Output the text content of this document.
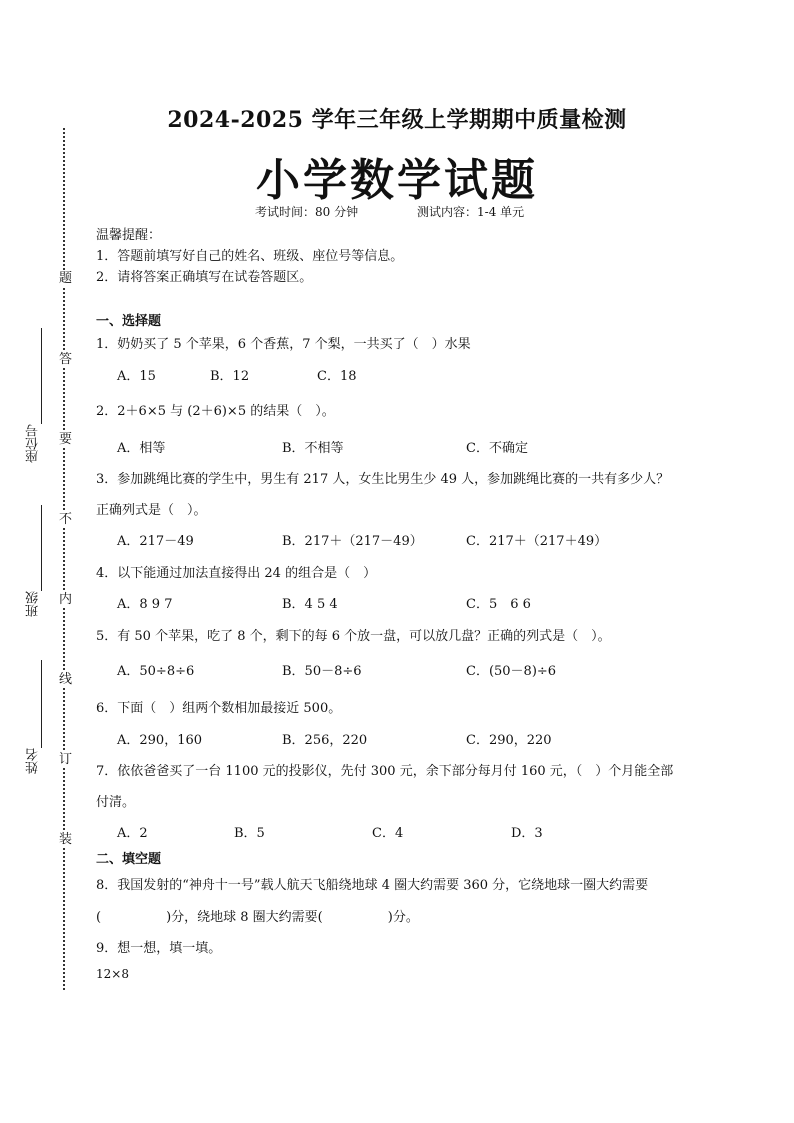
题
答
要
不
内
线
订
装
座位号
班级
姓名
2024-2025 学年三年级上学期期中质量检测
小学数学试题
考试时间：80 分钟	测试内容：1-4 单元
温馨提醒：
1．答题前填写好自己的姓名、班级、座位号等信息。
2．请将答案正确填写在试卷答题区。
一、选择题
1．奶奶买了 5 个苹果，6 个香蕉，7 个梨，一共买了（　）水果
A．15	B．12	C．18
2．2＋6×5 与 (2＋6)×5 的结果（　）。
A．相等	B．不相等	C．不确定
3．参加跳绳比赛的学生中，男生有 217 人，女生比男生少 49 人，参加跳绳比赛的一共有多少人？
正确列式是（　）。
A．217－49	B．217＋（217－49）	C．217＋（217＋49）
4．以下能通过加法直接得出 24 的组合是（　）
A．8 9 7	B．4 5 4	C．5　6 6
5．有 50 个苹果，吃了 8 个，剩下的每 6 个放一盘，可以放几盘？正确的列式是（　）。
A．50÷8÷6	B．50－8÷6	C．(50－8)÷6
6．下面（　）组两个数相加最接近 500。
A．290，160	B．256，220	C．290，220
7．依依爸爸买了一台 1100 元的投影仪，先付 300 元，余下部分每月付 160 元，（　）个月能全部
付清。
A．2	B．5	C．4	D．3
二、填空题
8．我国发射的“神舟十一号”载人航天飞船绕地球 4 圈大约需要 360 分，它绕地球一圈大约需要
(　　　　　)分，绕地球 8 圈大约需要(　　　　　)分。
9．想一想，填一填。
12×8
